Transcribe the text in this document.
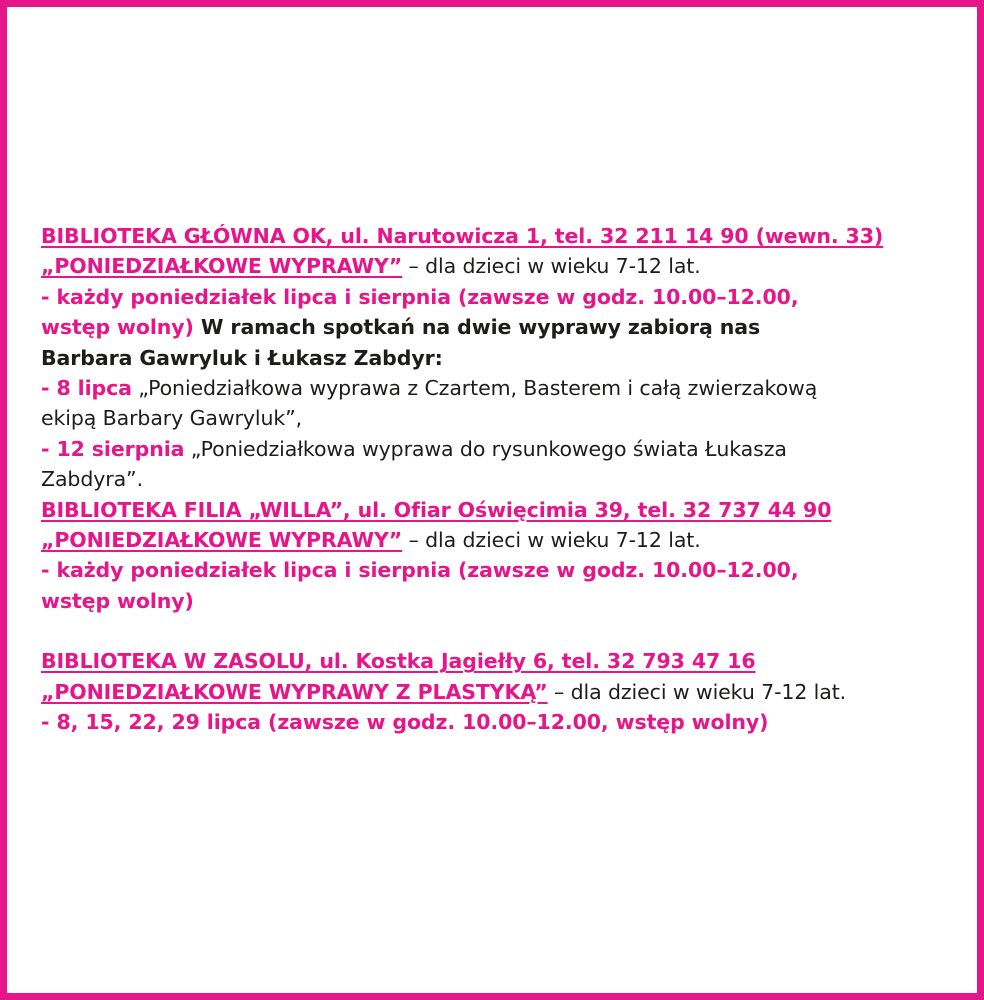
BIBLIOTEKA GŁÓWNA OK, ul. Narutowicza 1, tel. 32 211 14 90 (wewn. 33)
„PONIEDZIAŁKOWE WYPRAWY” – dla dzieci w wieku 7-12 lat.
- każdy poniedziałek lipca i sierpnia (zawsze w godz. 10.00–12.00,
wstęp wolny) W ramach spotkań na dwie wyprawy zabiorą nas
Barbara Gawryluk i Łukasz Zabdyr:
- 8 lipca „Poniedziałkowa wyprawa z Czartem, Basterem i całą zwierzakową
ekipą Barbary Gawryluk”,
- 12 sierpnia „Poniedziałkowa wyprawa do rysunkowego świata Łukasza
Zabdyra”.
BIBLIOTEKA FILIA „WILLA”, ul. Ofiar Oświęcimia 39, tel. 32 737 44 90
„PONIEDZIAŁKOWE WYPRAWY” – dla dzieci w wieku 7-12 lat.
- każdy poniedziałek lipca i sierpnia (zawsze w godz. 10.00–12.00,
wstęp wolny)
BIBLIOTEKA W ZASOLU, ul. Kostka Jagiełły 6, tel. 32 793 47 16
„PONIEDZIAŁKOWE WYPRAWY Z PLASTYKĄ” – dla dzieci w wieku 7-12 lat.
- 8, 15, 22, 29 lipca (zawsze w godz. 10.00–12.00, wstęp wolny)
